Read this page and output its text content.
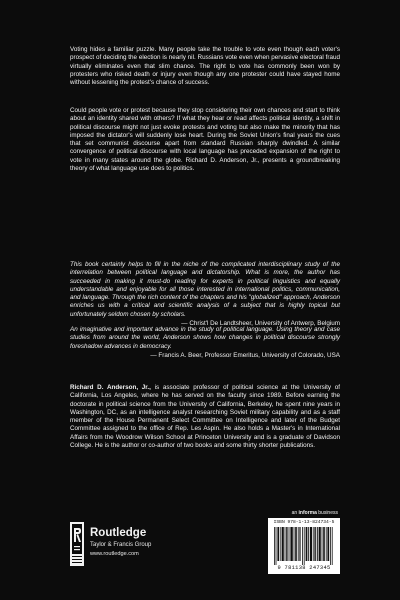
Voting hides a familiar puzzle. Many people take the trouble to vote even though each voter's prospect of deciding the election is nearly nil. Russians vote even when pervasive electoral fraud virtually eliminates even that slim chance. The right to vote has commonly been won by protesters who risked death or injury even though any one protester could have stayed home without lessening the protest's chance of success.

Could people vote or protest because they stop considering their own chances and start to think about an identity shared with others? If what they hear or read affects political identity, a shift in political discourse might not just evoke protests and voting but also make the minority that has imposed the dictator's will suddenly lose heart. During the Soviet Union's final years the cues that set communist discourse apart from standard Russian sharply dwindled. A similar convergence of political discourse with local language has preceded expansion of the right to vote in many states around the globe. Richard D. Anderson, Jr., presents a groundbreaking theory of what language use does to politics.

This book certainly helps to fill in the niche of the complicated interdisciplinary study of the interrelation between political language and dictatorship. What is more, the author has succeeded in making it must-do reading for experts in political linguistics and equally understandable and enjoyable for all those interested in international politics, communication, and language. Through the rich content of the chapters and his "globalized" approach, Anderson enriches us with a critical and scientific analysis of a subject that is highly topical but unfortunately seldom chosen by scholars.

— Christ'l De Landtsheer, University of Antwerp, Belgium

An imaginative and important advance in the study of political language. Using theory and case studies from around the world, Anderson shows how changes in political discourse strongly foreshadow advances in democracy.

— Francis A. Beer, Professor Emeritus, University of Colorado, USA

Richard D. Anderson, Jr., is associate professor of political science at the University of California, Los Angeles, where he has served on the faculty since 1989. Before earning the doctorate in political science from the University of California, Berkeley, he spent nine years in Washington, DC, as an intelligence analyst researching Soviet military capability and as a staff member of the House Permanent Select Committee on Intelligence and later of the Budget Committee assigned to the office of Rep. Les Aspin. He also holds a Master's in International Affairs from the Woodrow Wilson School at Princeton University and is a graduate of Davidson College. He is the author or co-author of two books and some thirty shorter publications.

an informa business
Routledge
Taylor & Francis Group
www.routledge.com
ISBN 978-1-13-824734-5
9 781138 247345
